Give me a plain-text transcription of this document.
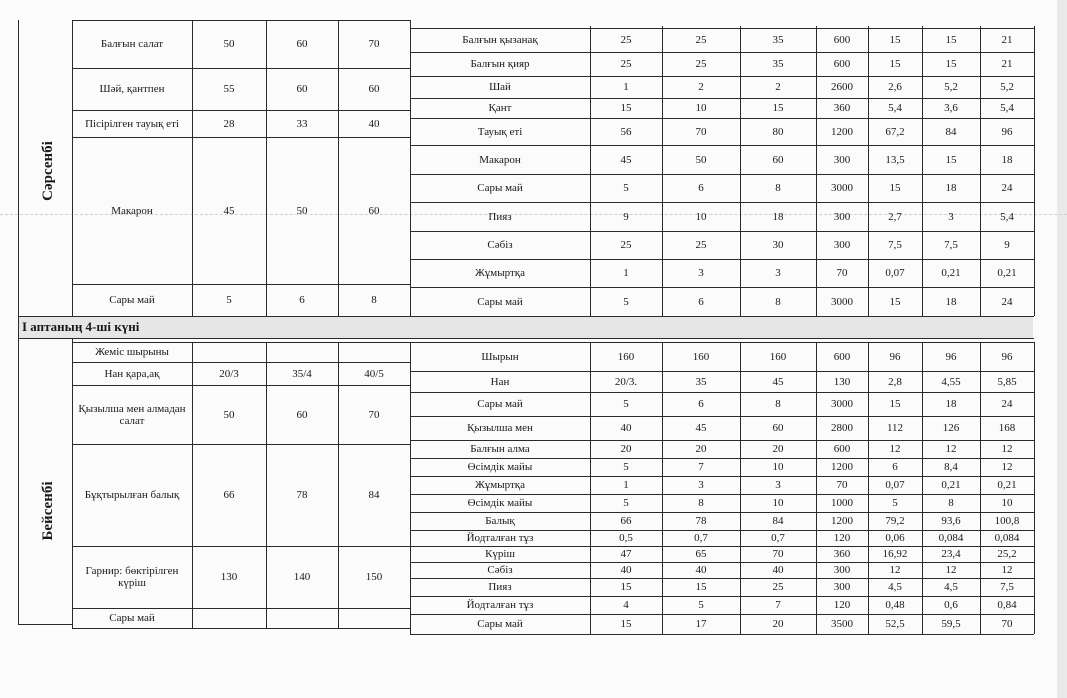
Балғын салат	50	60	70
Шәй, қантпен	55	60	60
Пісірілген тауық еті	28	33	40
Макарон	45	50	60
Сары май	5	6	8
Балғын қызанақ	25	25	35	600	15	15	21
Балғын қияр	25	25	35	600	15	15	21
Шай	1	2	2	2600	2,6	5,2	5,2
Қант	15	10	15	360	5,4	3,6	5,4
Тауық еті	56	70	80	1200	67,2	84	96
Макарон	45	50	60	300	13,5	15	18
Сары май	5	6	8	3000	15	18	24
Пияз	9	10	18	300	2,7	3	5,4
Сәбіз	25	25	30	300	7,5	7,5	9
Жұмыртқа	1	3	3	70	0,07	0,21	0,21
Сары май	5	6	8	3000	15	18	24
Жеміс шырыны
Нан қара,ақ	20/3	35/4	40/5
Қызылша мен алмадан салат	50	60	70
Бұқтырылған балық	66	78	84
Гарнир: бөктірілген күріш	130	140	150
Сары май
Шырын	160	160	160	600	96	96	96
Нан	20/3.	35	45	130	2,8	4,55	5,85
Сары май	5	6	8	3000	15	18	24
Қызылша мен	40	45	60	2800	112	126	168
Балғын алма	20	20	20	600	12	12	12
Өсімдік майы	5	7	10	1200	6	8,4	12
Жұмыртқа	1	3	3	70	0,07	0,21	0,21
Өсімдік майы	5	8	10	1000	5	8	10
Балық	66	78	84	1200	79,2	93,6	100,8
Йодталған тұз	0,5	0,7	0,7	120	0,06	0,084	0,084
Күріш	47	65	70	360	16,92	23,4	25,2
Сәбіз	40	40	40	300	12	12	12
Пияз	15	15	25	300	4,5	4,5	7,5
Йодталған тұз	4	5	7	120	0,48	0,6	0,84
Сары май	15	17	20	3500	52,5	59,5	70
I аптаның 4-ші күні
Сәрсенбі
Бейсенбі
